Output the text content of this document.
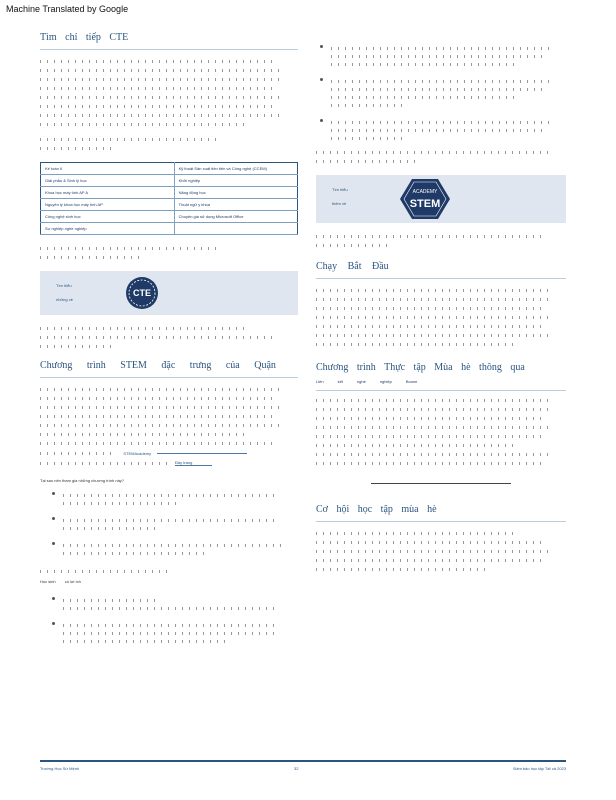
Machine Translated by Google
Tìm chỉ tiếp CTE
Kế toán II	Kỹ thuật Sản xuất tiên tiến và Công nghệ (CCEM)
Giải phẫu & Sinh lý học	Khởi nghiệp
Khoa học máy tính AP A	Năng động học
Nguyên lý khoa học máy tính AP	Thuật ngữ y khoa
Công nghệ sinh học	Chuyên gia sử dụng Microsoft Office
Sự nghiệp nghề nghiệp	
Tìm hiểu
những về
CTE
Chương trình STEM đặc trưng của Quận
STEMAcademy
Đây trang
Tại sao nên tham gia những chương trình này?
Học sinh có lợi ích
Tìm hiểu
thêm về
ACADEMY
STEM
Chạy Bắt Đầu
Chương trình Thực tập Mùa hè thông qua
Liên	kết	nghề	nghiệp	Boone
Cơ hội học tập mùa hè
Trường Học Sứ Mệnh	32	Đảm bảo học tập Tất cả 2023
